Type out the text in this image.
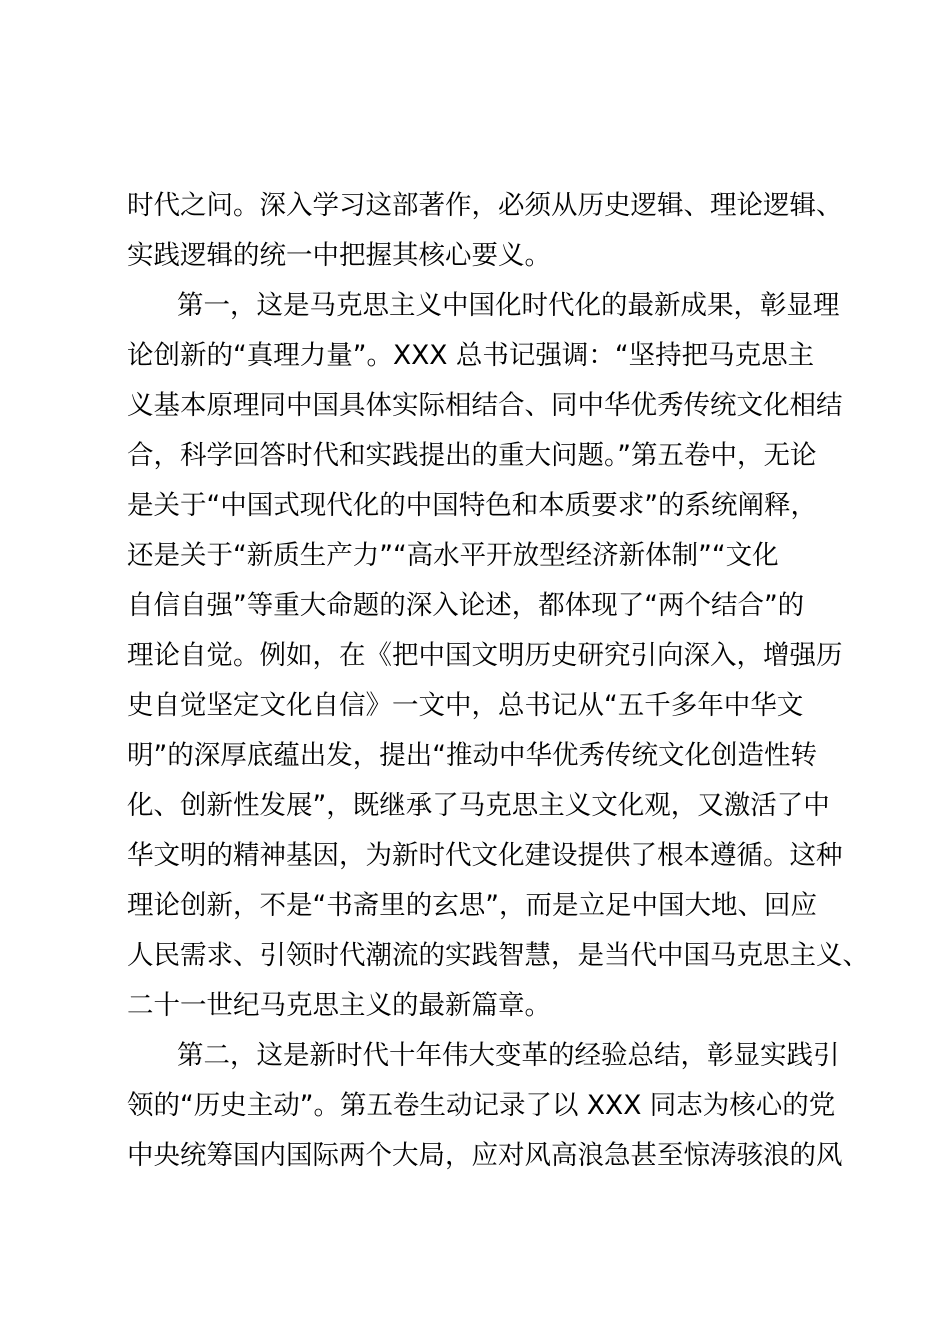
时代之问。深入学习这部著作，必须从历史逻辑、理论逻辑、
实践逻辑的统一中把握其核心要义。
第一，这是马克思主义中国化时代化的最新成果，彰显理
论创新的“真理力量”。XXX 总书记强调：“坚持把马克思主
义基本原理同中国具体实际相结合、同中华优秀传统文化相结
合，科学回答时代和实践提出的重大问题。”第五卷中，无论
是关于“中国式现代化的中国特色和本质要求”的系统阐释，
还是关于“新质生产力”“高水平开放型经济新体制”“文化
自信自强”等重大命题的深入论述，都体现了“两个结合”的
理论自觉。例如，在《把中国文明历史研究引向深入，增强历
史自觉坚定文化自信》一文中，总书记从“五千多年中华文
明”的深厚底蕴出发，提出“推动中华优秀传统文化创造性转
化、创新性发展”，既继承了马克思主义文化观，又激活了中
华文明的精神基因，为新时代文化建设提供了根本遵循。这种
理论创新，不是“书斋里的玄思”，而是立足中国大地、回应
人民需求、引领时代潮流的实践智慧，是当代中国马克思主义、
二十一世纪马克思主义的最新篇章。
第二，这是新时代十年伟大变革的经验总结，彰显实践引
领的“历史主动”。第五卷生动记录了以 XXX 同志为核心的党
中央统筹国内国际两个大局，应对风高浪急甚至惊涛骇浪的风
